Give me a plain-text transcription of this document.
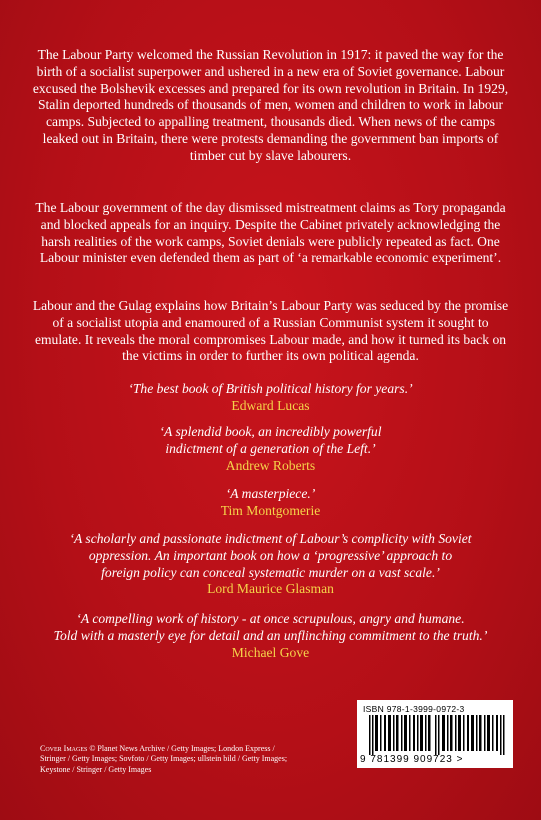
The Labour Party welcomed the Russian Revolution in 1917: it paved the way for the birth of a socialist superpower and ushered in a new era of Soviet governance. Labour excused the Bolshevik excesses and prepared for its own revolution in Britain. In 1929, Stalin deported hundreds of thousands of men, women and children to work in labour camps. Subjected to appalling treatment, thousands died. When news of the camps leaked out in Britain, there were protests demanding the government ban imports of timber cut by slave labourers.
The Labour government of the day dismissed mistreatment claims as Tory propaganda and blocked appeals for an inquiry. Despite the Cabinet privately acknowledging the harsh realities of the work camps, Soviet denials were publicly repeated as fact. One Labour minister even defended them as part of ‘a remarkable economic experiment’.
Labour and the Gulag explains how Britain’s Labour Party was seduced by the promise of a socialist utopia and enamoured of a Russian Communist system it sought to emulate. It reveals the moral compromises Labour made, and how it turned its back on the victims in order to further its own political agenda.
‘The best book of British political history for years.’
Edward Lucas
‘A splendid book, an incredibly powerful
indictment of a generation of the Left.’
Andrew Roberts
‘A masterpiece.’
Tim Montgomerie
‘A scholarly and passionate indictment of Labour’s complicity with Soviet
oppression. An important book on how a ‘progressive’ approach to
foreign policy can conceal systematic murder on a vast scale.’
Lord Maurice Glasman
‘A compelling work of history - at once scrupulous, angry and humane.
Told with a masterly eye for detail and an unflinching commitment to the truth.’
Michael Gove
Cover Images © Planet News Archive / Getty Images; London Express / Stringer / Getty Images; Sovfoto / Getty Images; ullstein bild / Getty Images; Keystone / Stringer / Getty Images
ISBN 978-1-3999-0972-3
9 781399 909723 >
